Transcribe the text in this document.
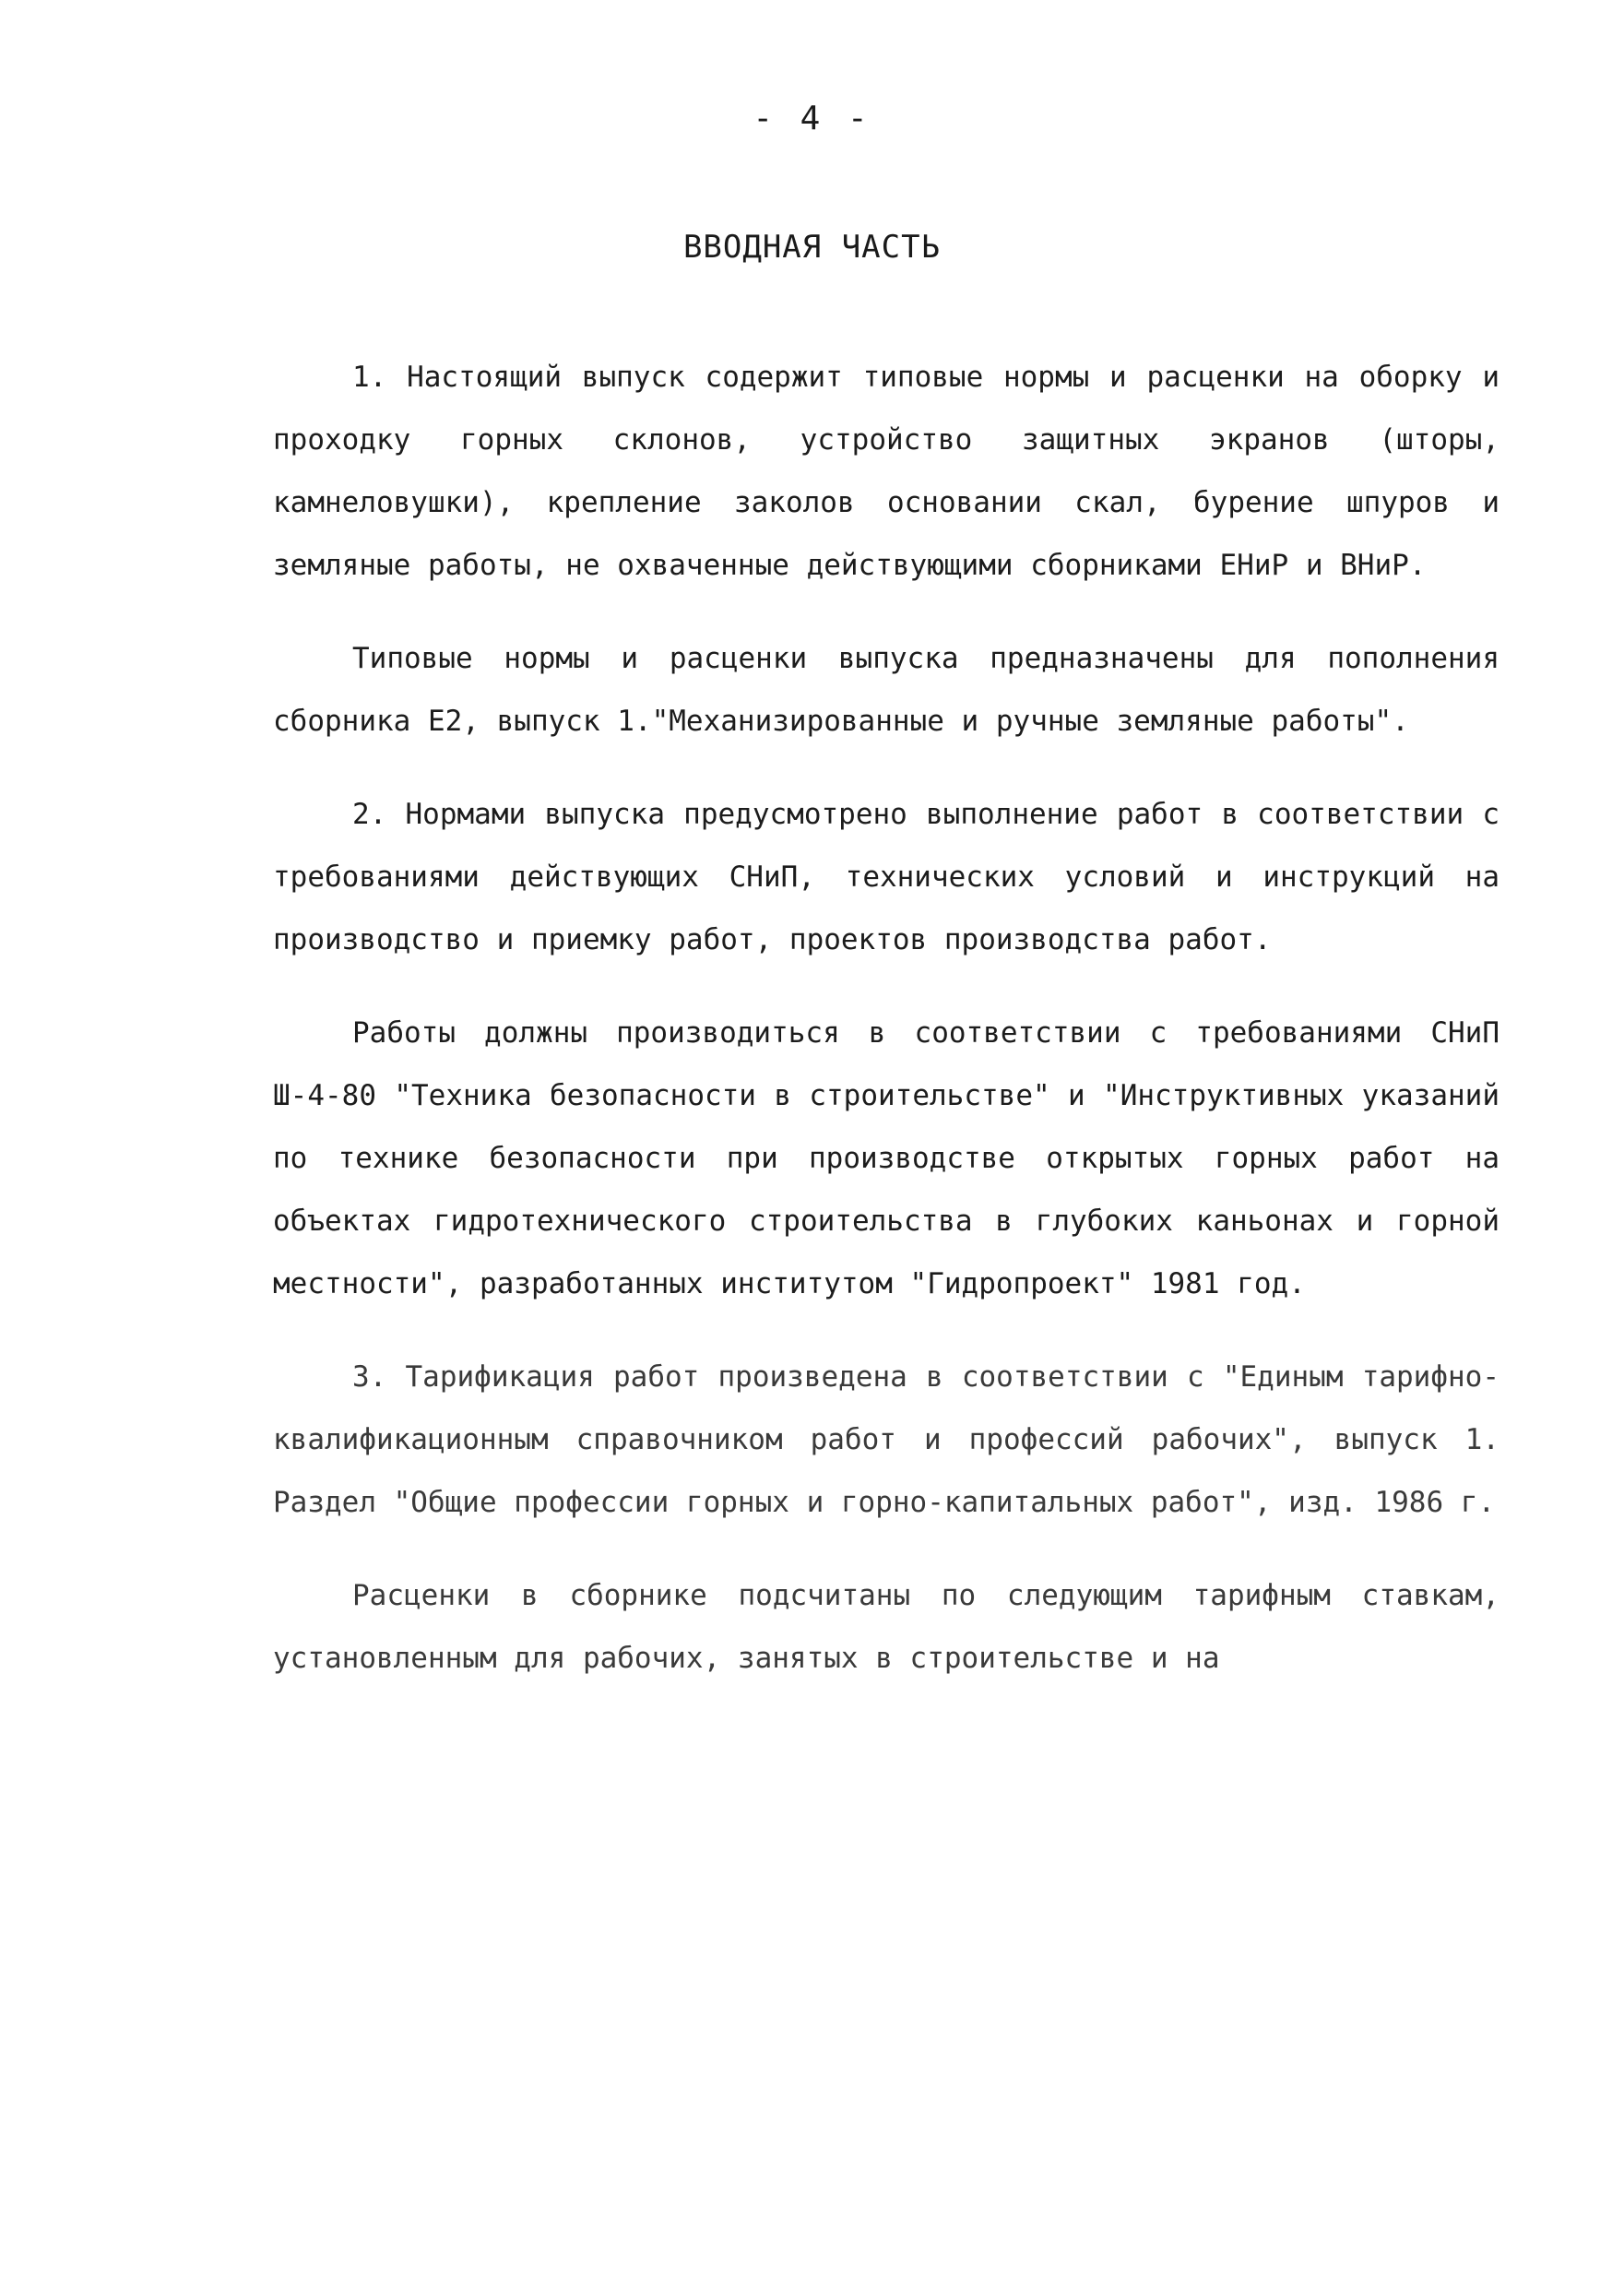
- 4 -
ВВОДНАЯ ЧАСТЬ

1. Настоящий выпуск содержит типовые нормы и расценки на оборку и проходку горных склонов, устройство защитных экранов (шторы, камнеловушки), крепление заколов основании скал, бурение шпуров и земляные работы, не охваченные действующими сборниками ЕНиР и ВНиР.

Типовые нормы и расценки выпуска предназначены для пополнения сборника Е2, выпуск 1."Механизированные и ручные земляные работы".

2. Нормами выпуска предусмотрено выполнение работ в соответствии с требованиями действующих СНиП, технических условий и инструкций на производство и приемку работ, проектов производства работ.

Работы должны производиться в соответствии с требованиями СНиП Ш-4-80 "Техника безопасности в строительстве" и "Инструктивных указаний по технике безопасности при производстве открытых горных работ на объектах гидротехнического строительства в глубоких каньонах и горной местности", разработанных институтом "Гидропроект" 1981 год.

3. Тарификация работ произведена в соответствии с "Единым тарифно-квалификационным справочником работ и профессий рабочих", выпуск 1. Раздел "Общие профессии горных и горно-капитальных работ", изд. 1986 г.

Расценки в сборнике подсчитаны по следующим тарифным ставкам, установленным для рабочих, занятых в строительстве и на
